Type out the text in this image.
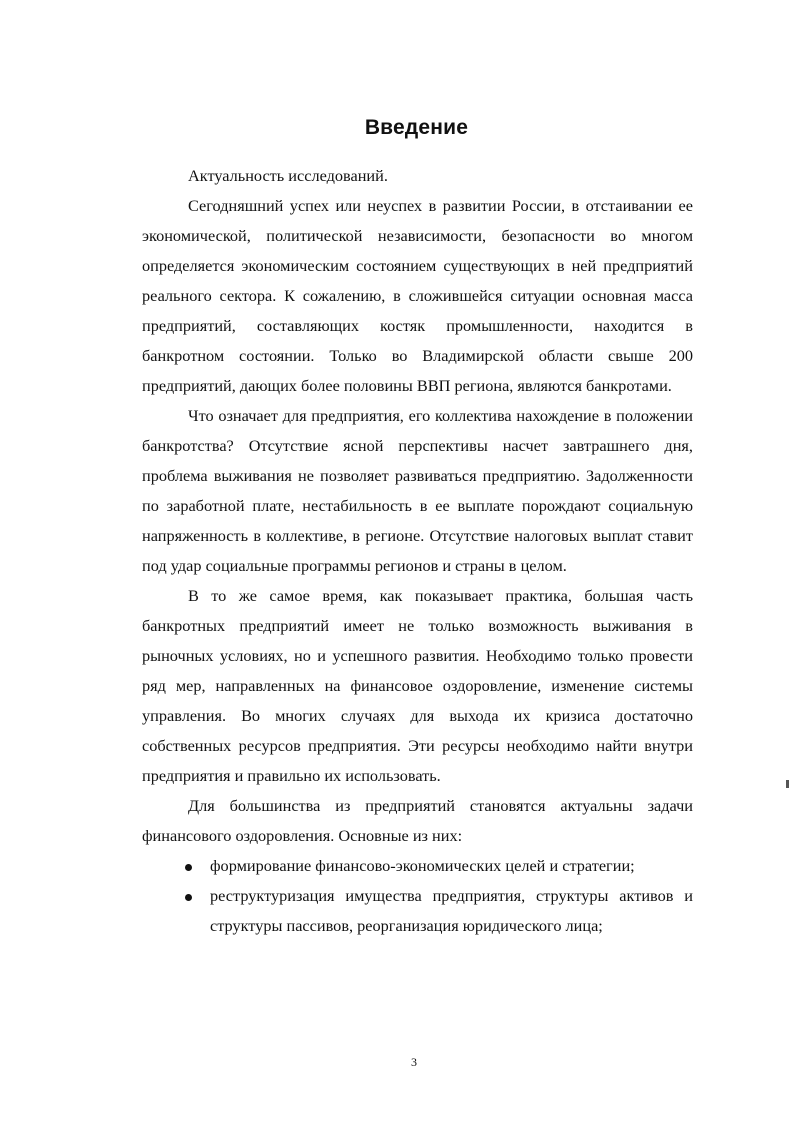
Введение

Актуальность исследований.

Сегодняшний успех или неуспех в развитии России, в отстаивании ее экономической, политической независимости, безопасности во многом определяется экономическим состоянием существующих в ней предприятий реального сектора. К сожалению, в сложившейся ситуации основная масса предприятий, составляющих костяк промышленности, находится в банкротном состоянии. Только во Владимирской области свыше 200 предприятий, дающих более половины ВВП региона, являются банкротами.

Что означает для предприятия, его коллектива нахождение в положении банкротства? Отсутствие ясной перспективы насчет завтрашнего дня, проблема выживания не позволяет развиваться предприятию. Задолженности по заработной плате, нестабильность в ее выплате порождают социальную напряженность в коллективе, в регионе. Отсутствие налоговых выплат ставит под удар социальные программы регионов и страны в целом.

В то же самое время, как показывает практика, большая часть банкротных предприятий имеет не только возможность выживания в рыночных условиях, но и успешного развития. Необходимо только провести ряд мер, направленных на финансовое оздоровление, изменение системы управления. Во многих случаях для выхода их кризиса достаточно собственных ресурсов предприятия. Эти ресурсы необходимо найти внутри предприятия и правильно их использовать.

Для большинства из предприятий становятся актуальны задачи финансового оздоровления. Основные из них:

формирование финансово-экономических целей и стратегии;
реструктуризация имущества предприятия, структуры активов и структуры пассивов, реорганизация юридического лица;
3
